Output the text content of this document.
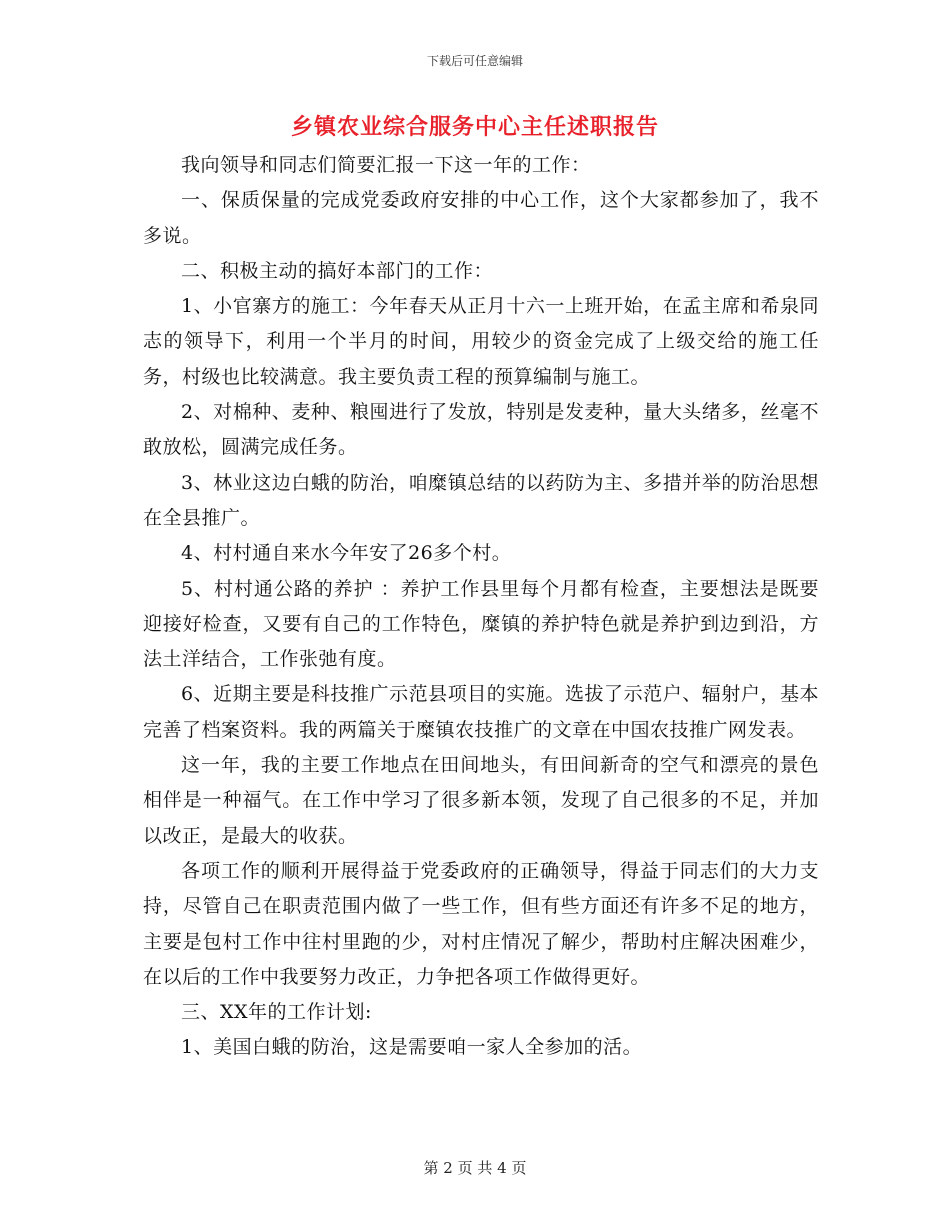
下载后可任意编辑
乡镇农业综合服务中心主任述职报告

我向领导和同志们简要汇报一下这一年的工作：

一、保质保量的完成党委政府安排的中心工作，这个大家都参加了，我不多说。

二、积极主动的搞好本部门的工作：

1、小官寨方的施工：今年春天从正月十六一上班开始，在孟主席和希泉同志的领导下，利用一个半月的时间，用较少的资金完成了上级交给的施工任务，村级也比较满意。我主要负责工程的预算编制与施工。

2、对棉种、麦种、粮囤进行了发放，特别是发麦种，量大头绪多，丝毫不敢放松，圆满完成任务。

3、林业这边白蛾的防治，咱糜镇总结的以药防为主、多措并举的防治思想在全县推广。

4、村村通自来水今年安了26多个村。

5、村村通公路的养护 ：养护工作县里每个月都有检查，主要想法是既要迎接好检查，又要有自己的工作特色，糜镇的养护特色就是养护到边到沿，方法土洋结合，工作张弛有度。

6、近期主要是科技推广示范县项目的实施。选拔了示范户、辐射户，基本完善了档案资料。我的两篇关于糜镇农技推广的文章在中国农技推广网发表。

这一年，我的主要工作地点在田间地头，有田间新奇的空气和漂亮的景色相伴是一种福气。在工作中学习了很多新本领，发现了自己很多的不足，并加以改正，是最大的收获。

各项工作的顺利开展得益于党委政府的正确领导，得益于同志们的大力支持，尽管自己在职责范围内做了一些工作，但有些方面还有许多不足的地方，主要是包村工作中往村里跑的少，对村庄情况了解少，帮助村庄解决困难少，在以后的工作中我要努力改正，力争把各项工作做得更好。

三、XX年的工作计划:

1、美国白蛾的防治，这是需要咱一家人全参加的活。

第 2 页 共 4 页
